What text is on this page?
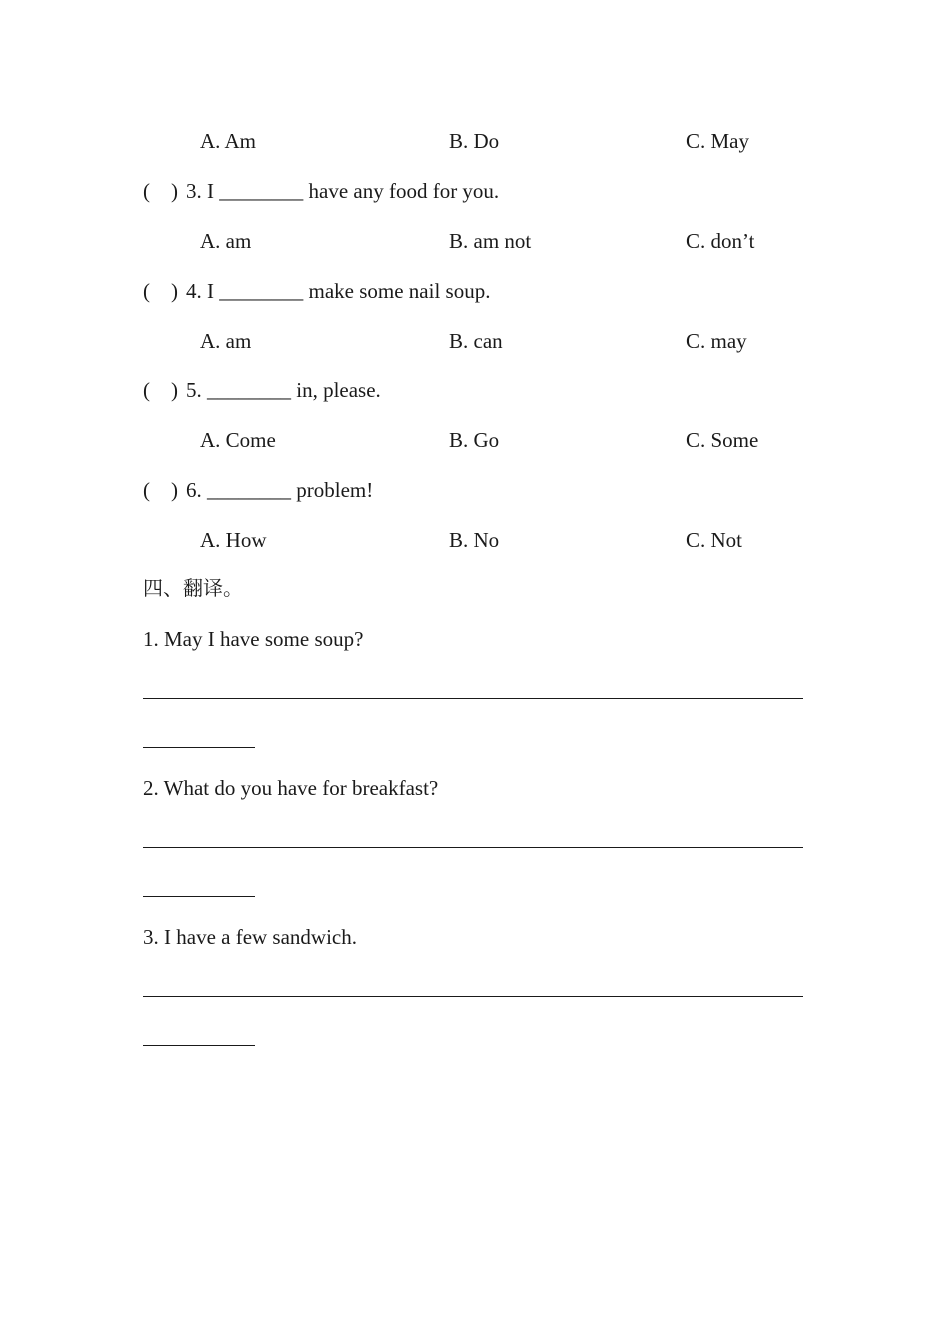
A. Am	B. Do	C. May
(    ) 3. I ________ have any food for you.
A. am	B. am not	C. don’t
(    ) 4. I ________ make some nail soup.
A. am	B. can	C. may
(    ) 5. ________ in, please.
A. Come	B. Go	C. Some
(    ) 6. ________ problem!
A. How	B. No	C. Not
四、翻译。
1. May I have some soup?
2. What do you have for breakfast?
3. I have a few sandwich.
